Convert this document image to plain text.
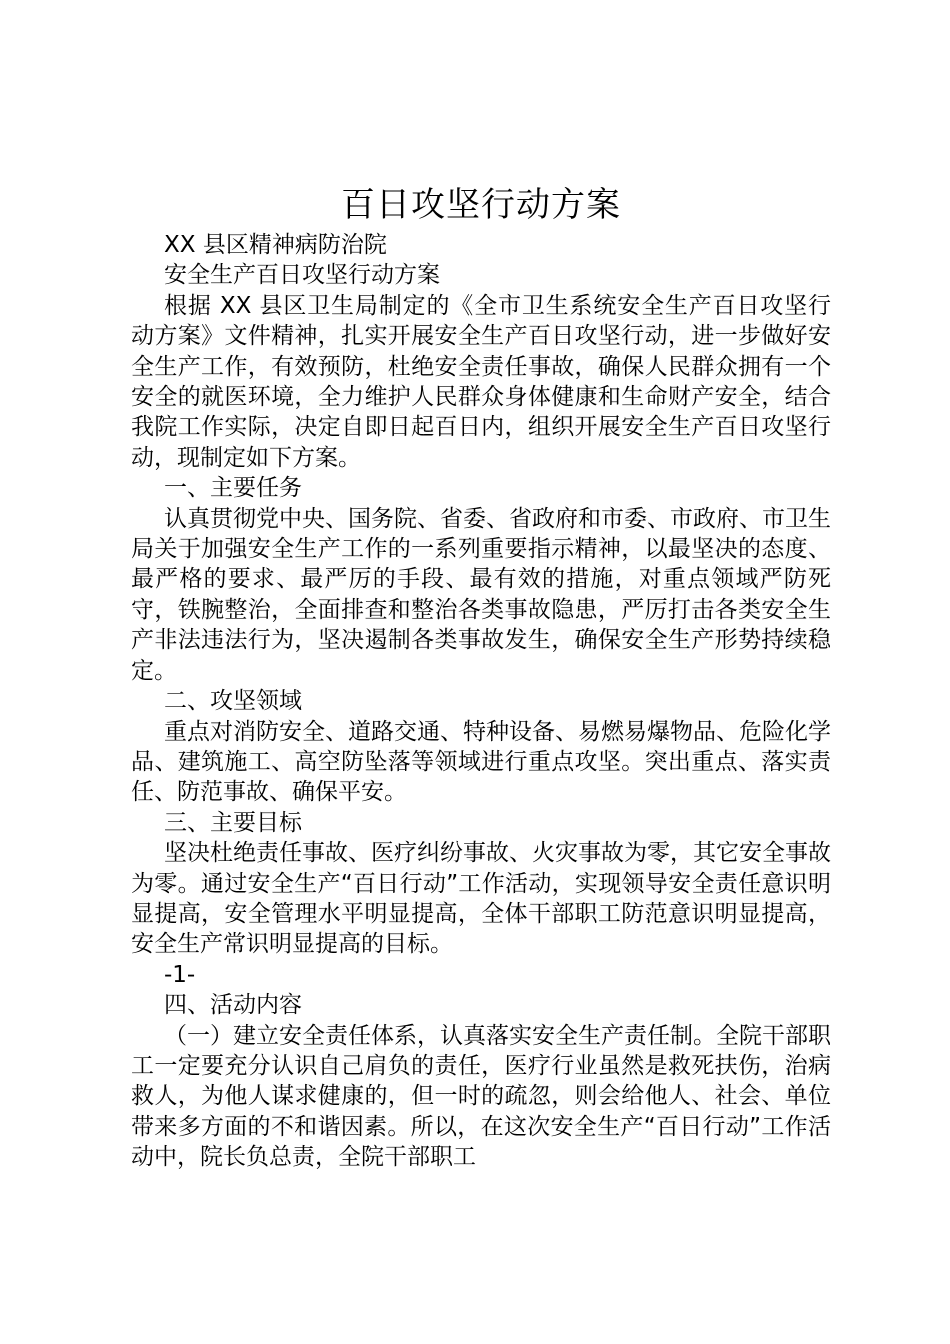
百日攻坚行动方案

XX 县区精神病防治院

安全生产百日攻坚行动方案

根据 XX 县区卫生局制定的《全市卫生系统安全生产百日攻坚行动方案》文件精神，扎实开展安全生产百日攻坚行动，进一步做好安全生产工作，有效预防，杜绝安全责任事故，确保人民群众拥有一个安全的就医环境，全力维护人民群众身体健康和生命财产安全，结合我院工作实际，决定自即日起百日内，组织开展安全生产百日攻坚行动，现制定如下方案。

一、主要任务

认真贯彻党中央、国务院、省委、省政府和市委、市政府、市卫生局关于加强安全生产工作的一系列重要指示精神，以最坚决的态度、最严格的要求、最严厉的手段、最有效的措施，对重点领域严防死守，铁腕整治，全面排查和整治各类事故隐患，严厉打击各类安全生产非法违法行为，坚决遏制各类事故发生，确保安全生产形势持续稳定。

二、攻坚领域

重点对消防安全、道路交通、特种设备、易燃易爆物品、危险化学品、建筑施工、高空防坠落等领域进行重点攻坚。突出重点、落实责任、防范事故、确保平安。

三、主要目标

坚决杜绝责任事故、医疗纠纷事故、火灾事故为零，其它安全事故为零。通过安全生产“百日行动”工作活动，实现领导安全责任意识明显提高，安全管理水平明显提高，全体干部职工防范意识明显提高，安全生产常识明显提高的目标。

-1-

四、活动内容

（一）建立安全责任体系，认真落实安全生产责任制。全院干部职工一定要充分认识自己肩负的责任，医疗行业虽然是救死扶伤，治病救人，为他人谋求健康的，但一时的疏忽，则会给他人、社会、单位带来多方面的不和谐因素。所以，在这次安全生产“百日行动”工作活动中，院长负总责，全院干部职工
